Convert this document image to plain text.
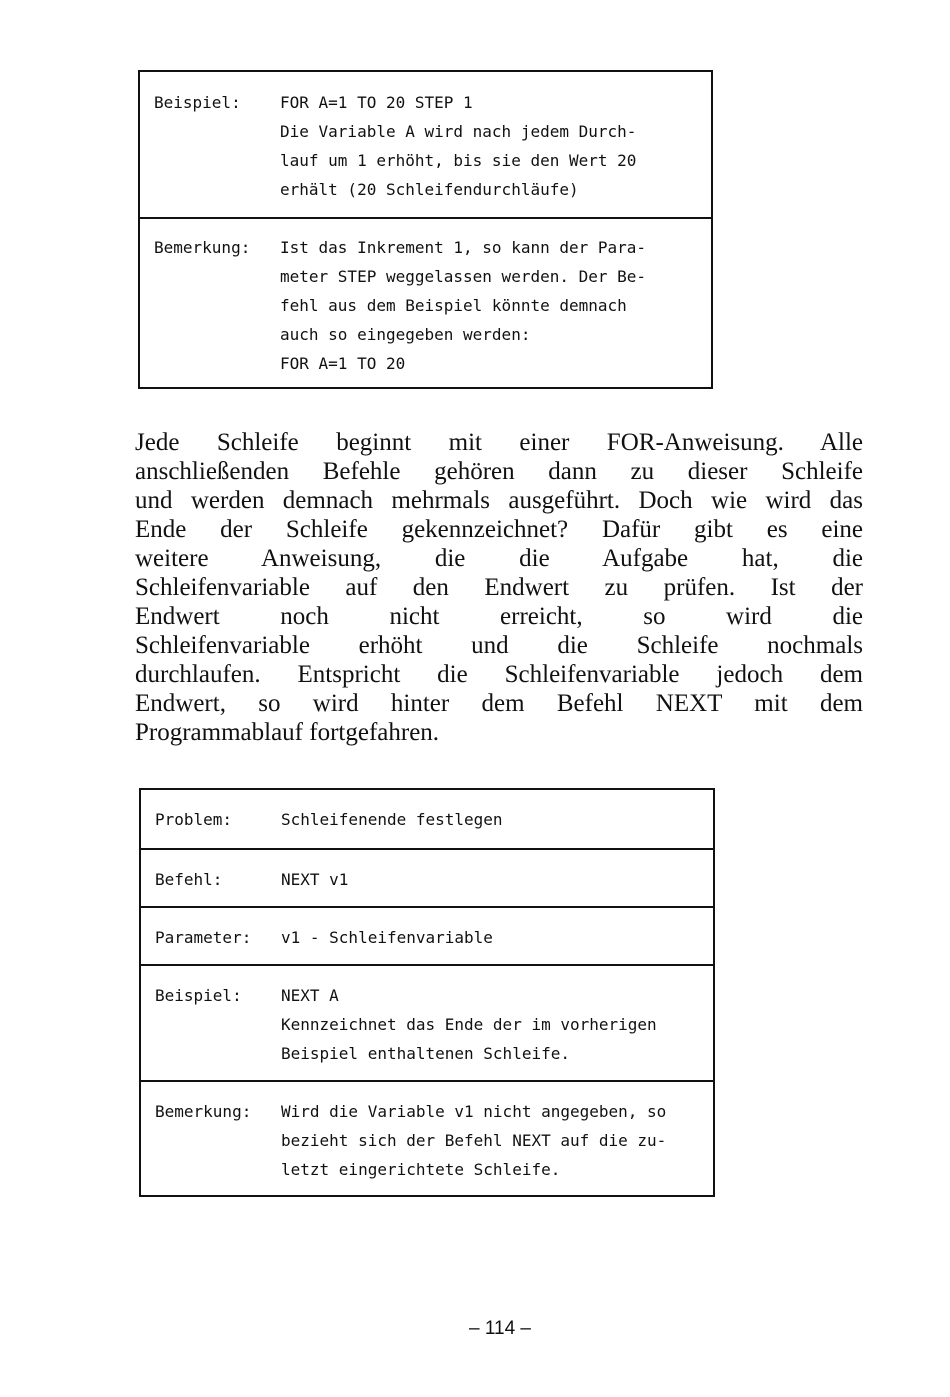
Beispiel:	FOR A=1 TO 20 STEP 1
Die Variable A wird nach jedem Durch-
lauf um 1 erhöht, bis sie den Wert 20
erhält (20 Schleifendurchläufe)
Bemerkung:	Ist das Inkrement 1, so kann der Para-
meter STEP weggelassen werden. Der Be-
fehl aus dem Beispiel könnte demnach
auch so eingegeben werden:
FOR A=1 TO 20
Jede Schleife beginnt mit einer FOR-Anweisung. Alle
anschließenden Befehle gehören dann zu dieser Schleife
und werden demnach mehrmals ausgeführt. Doch wie wird das
Ende der Schleife gekennzeichnet? Dafür gibt es eine
weitere Anweisung, die die Aufgabe hat, die
Schleifenvariable auf den Endwert zu prüfen. Ist der
Endwert noch nicht erreicht, so wird die
Schleifenvariable erhöht und die Schleife nochmals
durchlaufen. Entspricht die Schleifenvariable jedoch dem
Endwert, so wird hinter dem Befehl NEXT mit dem
Programmablauf fortgefahren.
Problem:	Schleifenende festlegen
Befehl:	NEXT v1
Parameter:	v1 - Schleifenvariable
Beispiel:	NEXT A
Kennzeichnet das Ende der im vorherigen
Beispiel enthaltenen Schleife.
Bemerkung:	Wird die Variable v1 nicht angegeben, so
bezieht sich der Befehl NEXT auf die zu-
letzt eingerichtete Schleife.
– 114 –
